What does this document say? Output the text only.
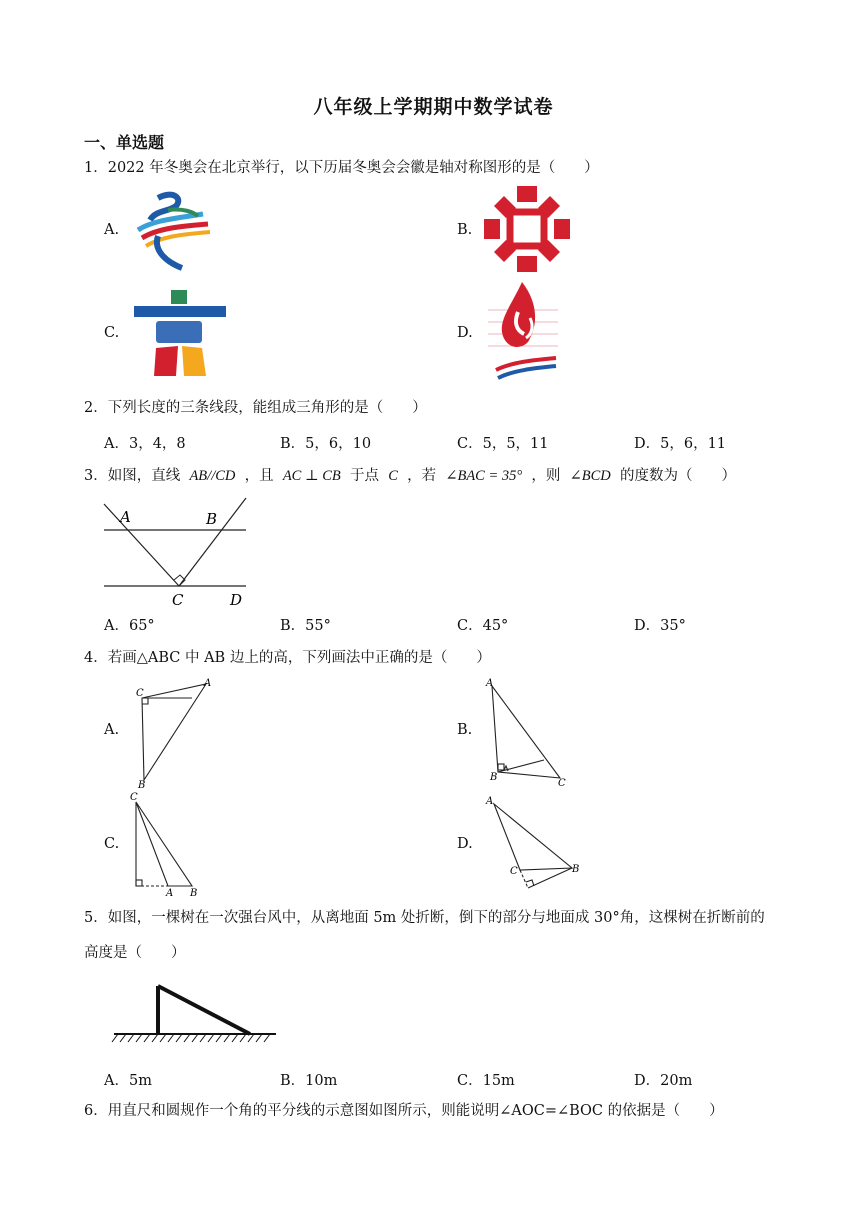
八年级上学期期中数学试卷
一、单选题
1．2022 年冬奥会在北京举行，以下历届冬奥会会徽是轴对称图形的是（　　）
A.	B.
C.	D.
2．下列长度的三条线段，能组成三角形的是（　　）
A．3，4，8	B．5，6，10	C．5，5，11	D．5，6，11
3．如图，直线 AB//CD ，且 AC ⊥ CB 于点 C ，若 ∠BAC = 35° ，则 ∠BCD 的度数为（　　）
A	B
C	D
A．65°	B．55°	C．45°	D．35°
4．若画△ABC 中 AB 边上的高，下列画法中正确的是（　　）
A.	B.
C.	D.
C
A
B
A
B
C
C
A B
A
C	B
5．如图，一棵树在一次强台风中，从离地面 5m 处折断，倒下的部分与地面成 30°角，这棵树在折断前的
高度是（　　）
A．5m	B．10m	C．15m	D．20m
6．用直尺和圆规作一个角的平分线的示意图如图所示，则能说明∠AOC=∠BOC 的依据是（　　）
